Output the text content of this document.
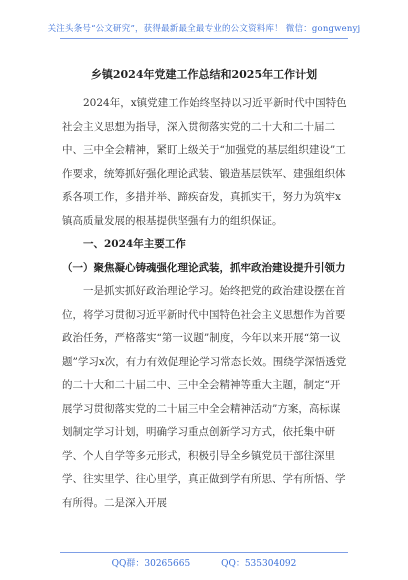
关注头条号“公文研究”，获得最新最全最专业的公文资料库！ 微信：gongwenyj
乡镇2024年党建工作总结和2025年工作计划

2024年，x镇党建工作始终坚持以习近平新时代中国特色社会主义思想为指导，深入贯彻落实党的二十大和二十届二中、三中全会精神，紧盯上级关于“加强党的基层组织建设”工作要求，统筹抓好强化理论武装、锻造基层铁军、建强组织体系各项工作，多措并举、蹄疾奋发，真抓实干，努力为筑牢x镇高质量发展的根基提供坚强有力的组织保证。

一、2024年主要工作

（一）聚焦凝心铸魂强化理论武装，抓牢政治建设提升引领力

一是抓实抓好政治理论学习。始终把党的政治建设摆在首位，将学习贯彻习近平新时代中国特色社会主义思想作为首要政治任务，严格落实“第一议题”制度，今年以来开展“第一议题”学习x次，有力有效促理论学习常态长效。围绕学深悟透党的二十大和二十届二中、三中全会精神等重大主题，制定“开展学习贯彻落实党的二十届三中全会精神活动”方案，高标谋划制定学习计划，明确学习重点创新学习方式，依托集中研学、个人自学等多元形式，积极引导全乡镇党员干部往深里学、往实里学、往心里学，真正做到学有所思、学有所悟、学有所得。二是深入开展

QQ群：30265665	QQ：535304092
